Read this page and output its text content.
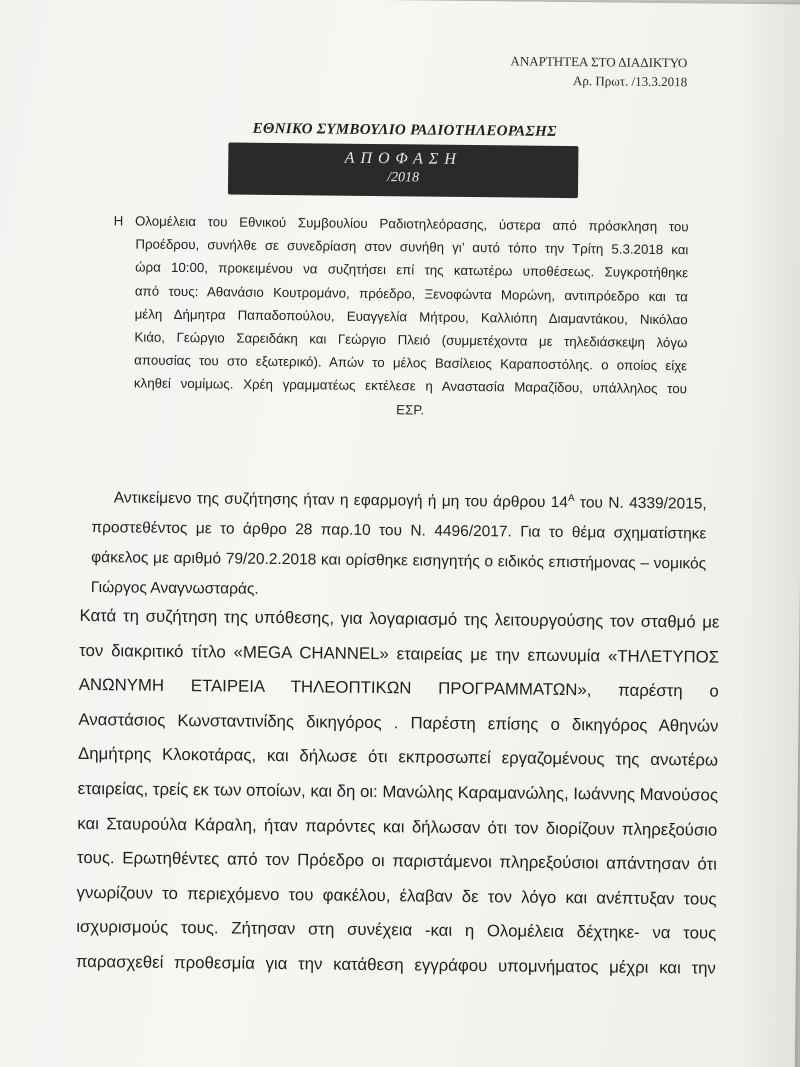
ΑΝΑΡΤΗΤΕΑ ΣΤΟ ΔΙΑΔΙΚΤΥΟ
Αρ. Πρωτ. /13.3.2018
ΕΘΝΙΚΟ ΣΥΜΒΟΥΛΙΟ ΡΑΔΙΟΤΗΛΕΟΡΑΣΗΣ
ΑΠΟΦΑΣΗ
/2018
Η Ολομέλεια του Εθνικού Συμβουλίου Ραδιοτηλεόρασης, ύστερα από πρόσκληση του
Προέδρου, συνήλθε σε συνεδρίαση στον συνήθη γι’ αυτό τόπο την Τρίτη 5.3.2018 και
ώρα 10:00, προκειμένου να συζητήσει επί της κατωτέρω υποθέσεως. Συγκροτήθηκε
από τους: Αθανάσιο Κουτρομάνο, πρόεδρο, Ξενοφώντα Μορώνη, αντιπρόεδρο και τα
μέλη Δήμητρα Παπαδοπούλου, Ευαγγελία Μήτρου, Καλλιόπη Διαμαντάκου, Νικόλαο
Κιάο, Γεώργιο Σαρειδάκη και Γεώργιο Πλειό (συμμετέχοντα με τηλεδιάσκεψη λόγω
απουσίας του στο εξωτερικό). Απών το μέλος Βασίλειος Καραποστόλης. ο οποίος είχε
κληθεί νομίμως. Χρέη γραμματέως εκτέλεσε η Αναστασία Μαραζίδου, υπάλληλος του
ΕΣΡ.
Αντικείμενο της συζήτησης ήταν η εφαρμογή ή μη του άρθρου $14^A$ του Ν. 4339/2015, προστεθέντος με το άρθρο 28 παρ.10 του Ν. 4496/2017. Για το θέμα σχηματίστηκε φάκελος με αριθμό 79/20.2.2018 και ορίσθηκε εισηγητής ο ειδικός επιστήμονας – νομικός Γιώργος Αναγνωσταράς.
Κατά τη συζήτηση της υπόθεσης, για λογαριασμό της λειτουργούσης τον σταθμό με
τον διακριτικό τίτλο «MEGA CHANNEL» εταιρείας με την επωνυμία «ΤΗΛΕΤΥΠΟΣ
ΑΝΩΝΥΜΗ ΕΤΑΙΡΕΙΑ ΤΗΛΕΟΠΤΙΚΩΝ ΠΡΟΓΡΑΜΜΑΤΩΝ», παρέστη ο
Αναστάσιος Κωνσταντινίδης δικηγόρος . Παρέστη επίσης ο δικηγόρος Αθηνών
Δημήτρης Κλοκοτάρας, και δήλωσε ότι εκπροσωπεί εργαζομένους της ανωτέρω
εταιρείας, τρείς εκ των οποίων, και δη οι: Μανώλης Καραμανώλης, Ιωάννης Μανούσος
και Σταυρούλα Κάραλη, ήταν παρόντες και δήλωσαν ότι τον διορίζουν πληρεξούσιο
τους. Ερωτηθέντες από τον Πρόεδρο οι παριστάμενοι πληρεξούσιοι απάντησαν ότι
γνωρίζουν το περιεχόμενο του φακέλου, έλαβαν δε τον λόγο και ανέπτυξαν τους
ισχυρισμούς τους. Ζήτησαν στη συνέχεια -και η Ολομέλεια δέχτηκε- να τους
παρασχεθεί προθεσμία για την κατάθεση εγγράφου υπομνήματος μέχρι και την
